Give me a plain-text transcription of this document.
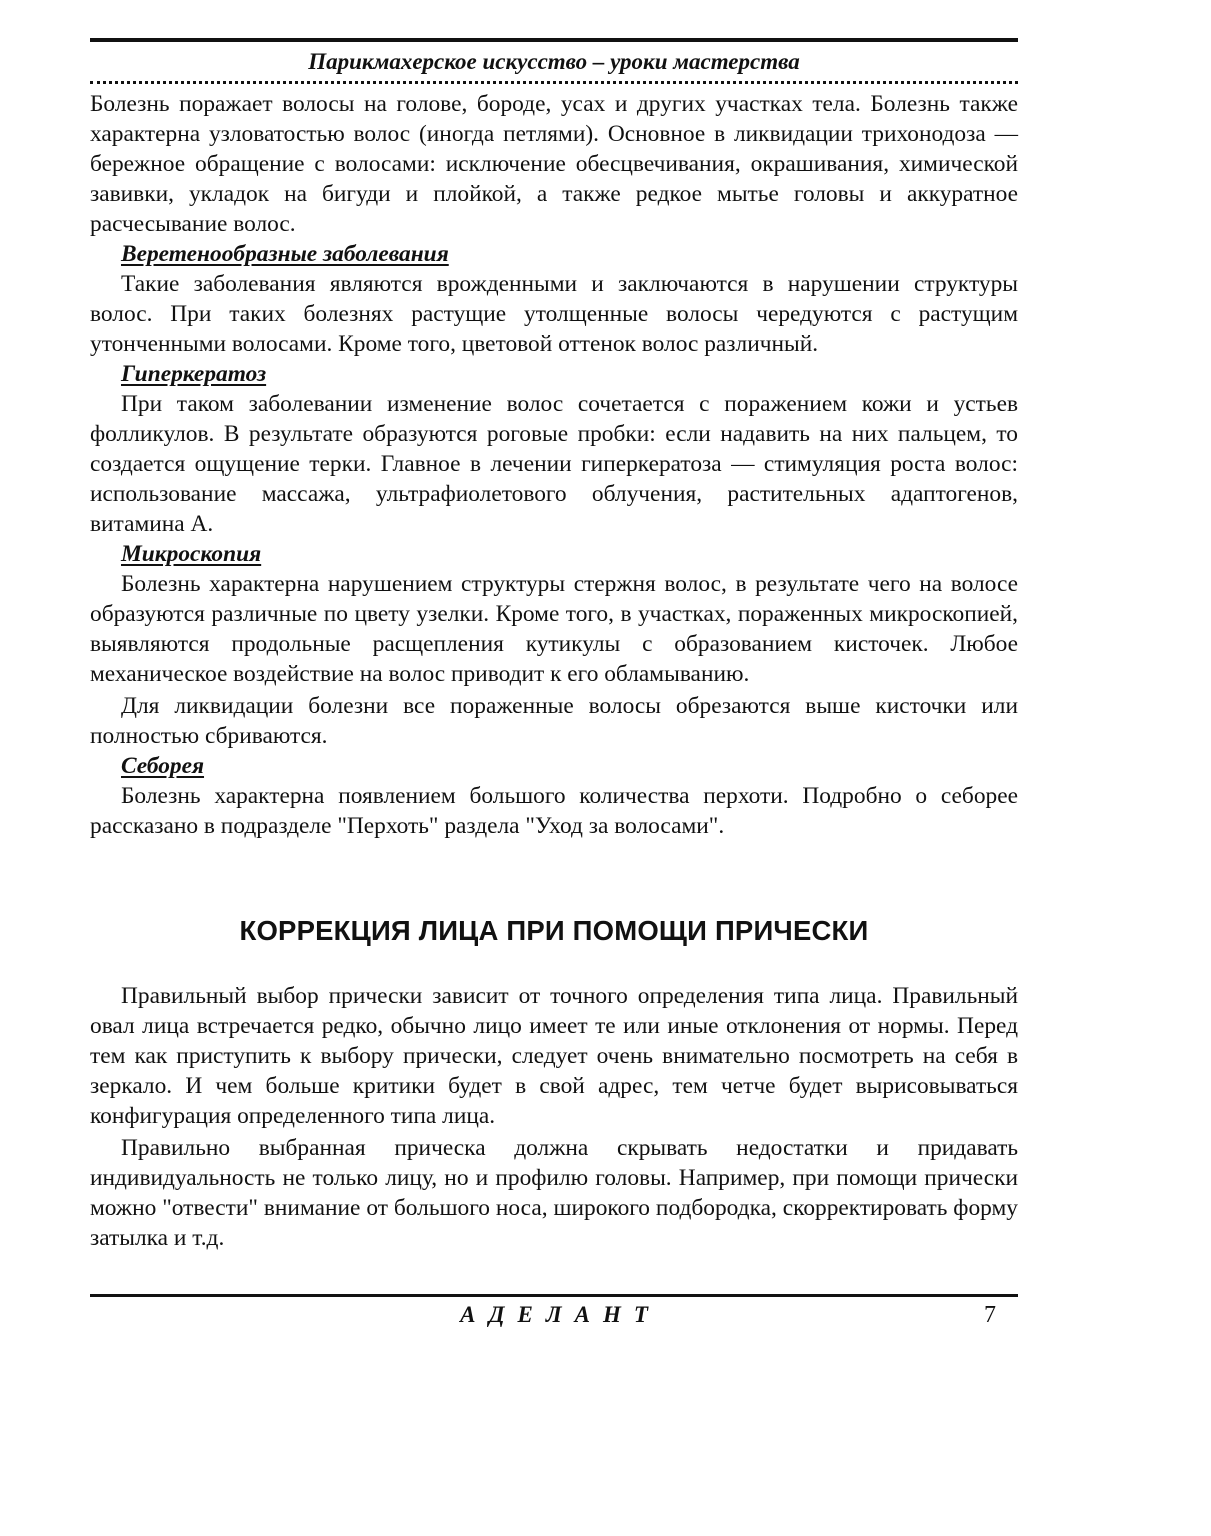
Парикмахерское искусство – уроки мастерства

Болезнь поражает волосы на голове, бороде, усах и других участках тела. Болезнь также характерна узловатостью волос (иногда петлями). Основное в ликвидации трихонодоза — бережное обращение с волосами: исключение обесцвечивания, окрашивания, химической завивки, укладок на бигуди и плойкой, а также редкое мытье головы и аккуратное расчесывание волос.

Веретенообразные заболевания

Такие заболевания являются врожденными и заключаются в нарушении структуры волос. При таких болезнях растущие утолщенные волосы чередуются с растущим утонченными волосами. Кроме того, цветовой оттенок волос различный.

Гиперкератоз

При таком заболевании изменение волос сочетается с поражением кожи и устьев фолликулов. В результате образуются роговые пробки: если надавить на них пальцем, то создается ощущение терки. Главное в лечении гиперкератоза — стимуляция роста волос: использование массажа, ультрафиолетового облучения, растительных адаптогенов, витамина А.

Микроскопия

Болезнь характерна нарушением структуры стержня волос, в результате чего на волосе образуются различные по цвету узелки. Кроме того, в участках, пораженных микроскопией, выявляются продольные расщепления кутикулы с образованием кисточек. Любое механическое воздействие на волос приводит к его обламыванию.

Для ликвидации болезни все пораженные волосы обрезаются выше кисточки или полностью сбриваются.

Себорея

Болезнь характерна появлением большого количества перхоти. Подробно о себорее рассказано в подразделе "Перхоть" раздела "Уход за волосами".

КОРРЕКЦИЯ ЛИЦА ПРИ ПОМОЩИ ПРИЧЕСКИ

Правильный выбор прически зависит от точного определения типа лица. Правильный овал лица встречается редко, обычно лицо имеет те или иные отклонения от нормы. Перед тем как приступить к выбору прически, следует очень внимательно посмотреть на себя в зеркало. И чем больше критики будет в свой адрес, тем четче будет вырисовываться конфигурация определенного типа лица.

Правильно выбранная прическа должна скрывать недостатки и придавать индивидуальность не только лицу, но и профилю головы. Например, при помощи прически можно "отвести" внимание от большого носа, широкого подбородка, скорректировать форму затылка и т.д.

АДЕЛАНТ	7
